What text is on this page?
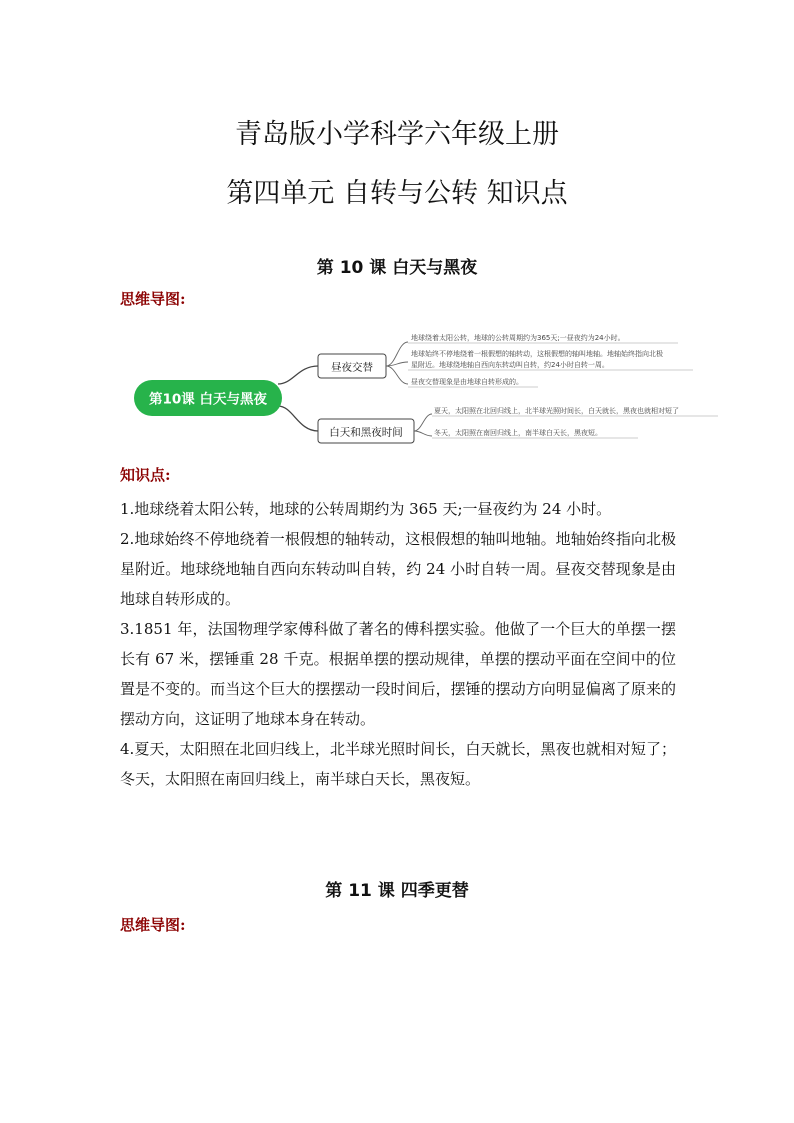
青岛版小学科学六年级上册
第四单元 自转与公转 知识点
第 10 课 白天与黑夜
思维导图:
第10课 白天与黑夜
昼夜交替
白天和黑夜时间
地球绕着太阳公转，地球的公转周期约为365天;一昼夜约为24小时。
地球始终不停地绕着一根假想的轴转动，这根假想的轴叫地轴。地轴始终指向北极
星附近。地球绕地轴自西向东转动叫自转，约24小时自转一周。
昼夜交替现象是由地球自转形成的。
夏天，太阳照在北回归线上，北半球光照时间长，白天就长，黑夜也就相对短了
冬天，太阳照在南回归线上，南半球白天长，黑夜短。
知识点:

1.地球绕着太阳公转，地球的公转周期约为 365 天;一昼夜约为 24 小时。

2.地球始终不停地绕着一根假想的轴转动，这根假想的轴叫地轴。地轴始终指向北极星附近。地球绕地轴自西向东转动叫自转，约 24 小时自转一周。昼夜交替现象是由地球自转形成的。

3.1851 年，法国物理学家傅科做了著名的傅科摆实验。他做了一个巨大的单摆一摆长有 67 米，摆锤重 28 千克。根据单摆的摆动规律，单摆的摆动平面在空间中的位置是不变的。而当这个巨大的摆摆动一段时间后，摆锤的摆动方向明显偏离了原来的摆动方向，这证明了地球本身在转动。

4.夏天，太阳照在北回归线上，北半球光照时间长，白天就长，黑夜也就相对短了；冬天，太阳照在南回归线上，南半球白天长，黑夜短。

第 11 课 四季更替
思维导图:
